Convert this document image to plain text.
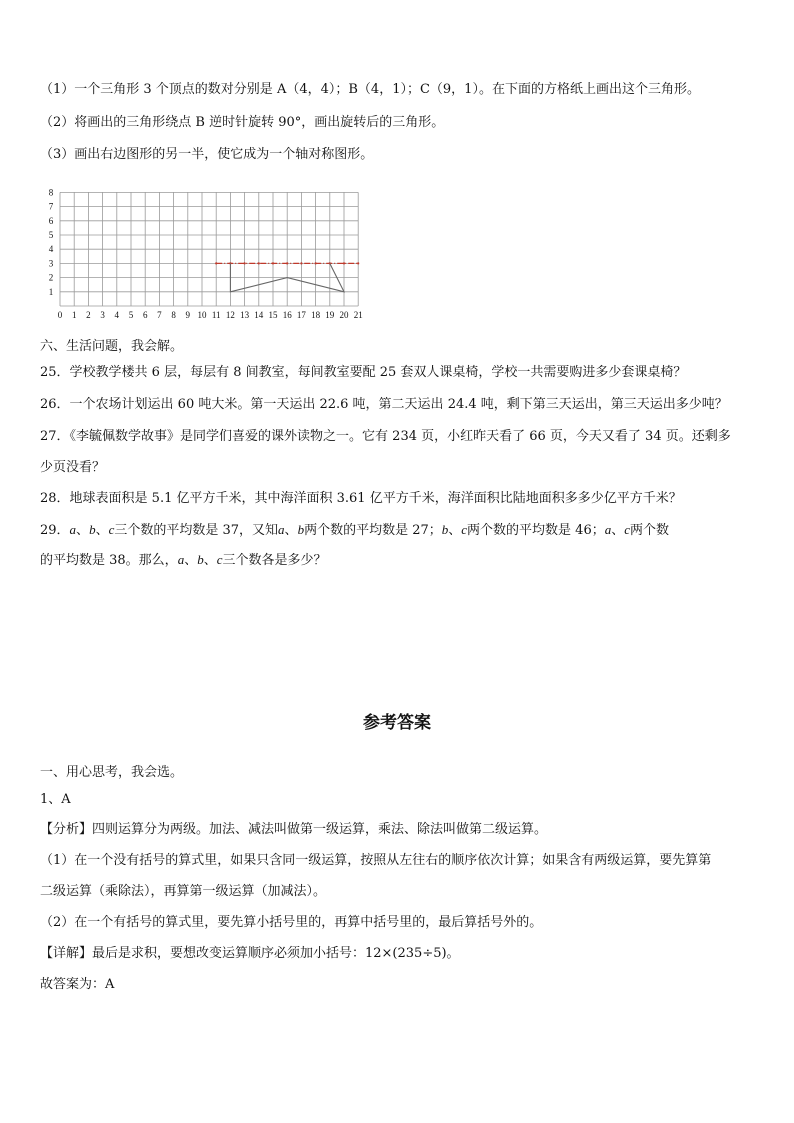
（1）一个三角形 3 个顶点的数对分别是 A（4，4）；B（4，1）；C（9，1）。在下面的方格纸上画出这个三角形。
（2）将画出的三角形绕点 B 逆时针旋转 90°，画出旋转后的三角形。
（3）画出右边图形的另一半，使它成为一个轴对称图形。
0 1 2 3 4 5 6 7 8 9 10 11 12 13 14 15 16 17 18 19 20 21
1
2
3
4
5
6
7
8
六、生活问题，我会解。
25．学校教学楼共 6 层，每层有 8 间教室，每间教室要配 25 套双人课桌椅，学校一共需要购进多少套课桌椅？
26．一个农场计划运出 60 吨大米。第一天运出 22.6 吨，第二天运出 24.4 吨，剩下第三天运出，第三天运出多少吨？
27．《李毓佩数学故事》是同学们喜爱的课外读物之一。它有 234 页，小红昨天看了 66 页，今天又看了 34 页。还剩多
少页没看？
28．地球表面积是 5.1 亿平方千米，其中海洋面积 3.61 亿平方千米，海洋面积比陆地面积多多少亿平方千米？
29．a、b、c三个数的平均数是 37，又知a、b两个数的平均数是 27；b、c两个数的平均数是 46；a、c两个数
的平均数是 38。那么，a、b、c三个数各是多少？
参考答案
一、用心思考，我会选。
1、A
【分析】四则运算分为两级。加法、减法叫做第一级运算，乘法、除法叫做第二级运算。
（1）在一个没有括号的算式里，如果只含同一级运算，按照从左往右的顺序依次计算；如果含有两级运算，要先算第
二级运算（乘除法），再算第一级运算（加减法）。
（2）在一个有括号的算式里，要先算小括号里的，再算中括号里的，最后算括号外的。
【详解】最后是求积，要想改变运算顺序必须加小括号：12×(235÷5)。
故答案为：A
